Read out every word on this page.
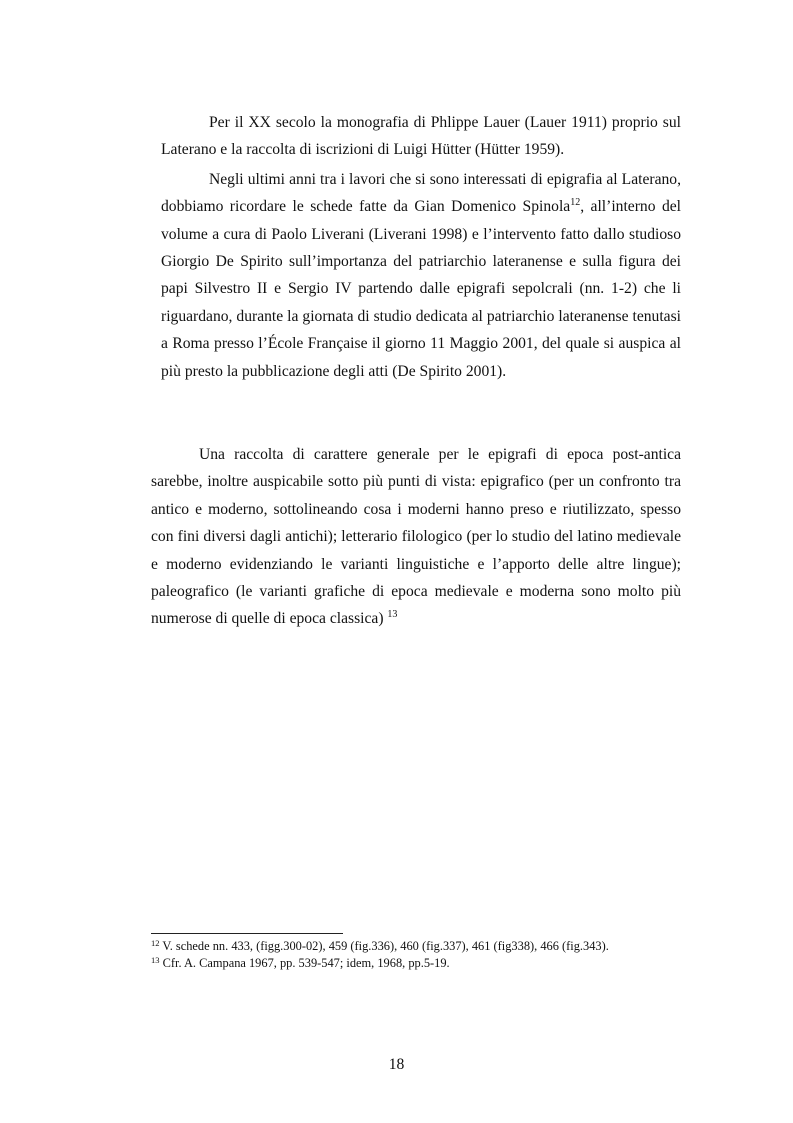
Per il XX secolo la monografia di Phlippe Lauer (Lauer 1911) proprio sul Laterano e la raccolta di iscrizioni di Luigi Hütter (Hütter 1959).

Negli ultimi anni tra i lavori che si sono interessati di epigrafia al Laterano, dobbiamo ricordare le schede fatte da Gian Domenico Spinola$^{12}$, all’interno del volume a cura di Paolo Liverani (Liverani 1998) e l’intervento fatto dallo studioso Giorgio De Spirito sull’importanza del patriarchio lateranense e sulla figura dei papi Silvestro II e Sergio IV partendo dalle epigrafi sepolcrali (nn. 1-2) che li riguardano, durante la giornata di studio dedicata al patriarchio lateranense tenutasi a Roma presso l’École Française il giorno 11 Maggio 2001, del quale si auspica al più presto la pubblicazione degli atti (De Spirito 2001).

Una raccolta di carattere generale per le epigrafi di epoca post-antica sarebbe, inoltre auspicabile sotto più punti di vista: epigrafico (per un confronto tra antico e moderno, sottolineando cosa i moderni hanno preso e riutilizzato, spesso con fini diversi dagli antichi); letterario filologico (per lo studio del latino medievale e moderno evidenziando le varianti linguistiche e l’apporto delle altre lingue); paleografico (le varianti grafiche di epoca medievale e moderna sono molto più numerose di quelle di epoca classica) $^{13}$

$^{12}$ V. schede nn. 433, (figg.300-02), 459 (fig.336), 460 (fig.337), 461 (fig338), 466 (fig.343).

$^{13}$ Cfr. A. Campana 1967, pp. 539-547; idem, 1968, pp.5-19.

18
